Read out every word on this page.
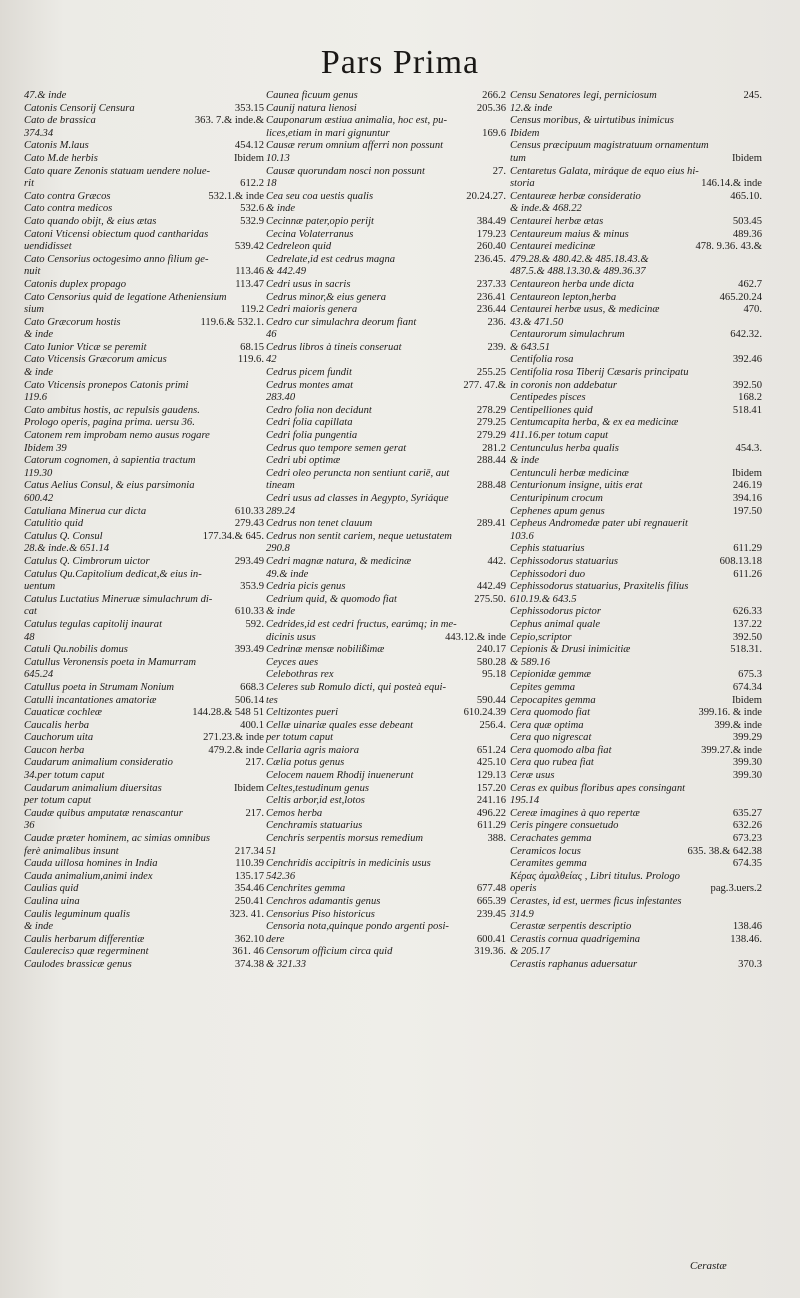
Pars Prima
47.& inde
Catonis Censorij Censura	353.15
Cato de brassica	363. 7.& inde.&
374.34
Catonis M.laus	454.12
Cato M.de herbis	Ibidem
Cato quare Zenonis statuam uendere nolue-
rit	612.2
Cato contra Græcos	532.1.& inde
Cato contra medicos	532.6
Cato quando obijt, & eius ætas	532.9
Catoni Vticensi obiectum quod cantharidas
uendidisset	539.42
Cato Censorius octogesimo anno filium ge-
nuit	113.46
Catonis duplex propago	113.47
Cato Censorius quid de legatione Atheniensium
sium	119.2
Cato Græcorum hostis	119.6.& 532.1.
& inde
Cato Iunior Vticæ se peremit	68.15
Cato Vticensis Græcorum amicus	119.6.
& inde
Cato Vticensis pronepos Catonis primi
119.6
Cato ambitus hostis, ac repulsis gaudens.
Prologo operis, pagina prima. uersu 36.
Catonem rem improbam nemo ausus rogare
Ibidem 39
Catorum cognomen, à sapientia tractum
119.30
Catus Aelius Consul, & eius parsimonia
600.42
Catuliana Minerua cur dicta	610.33
Catulitio quid	279.43
Catulus Q. Consul	177.34.& 645.
28.& inde.& 651.14
Catulus Q. Cimbrorum uictor	293.49
Catulus Qu.Capitolium dedicat,& eius in-
uentum	353.9
Catulus Luctatius Mineruæ simulachrum di-
cat	610.33
Catulus tegulas capitolij inaurat	592.
48
Catuli Qu.nobilis domus	393.49
Catullus Veronensis poeta in Mamurram
645.24
Catullus poeta in Strumam Nonium	668.3
Catulli incantationes amatoriæ	506.14
Cauaticæ cochleæ	144.28.& 548 51
Caucalis herba	400.1
Cauchorum uita	271.23.& inde
Caucon herba	479.2.& inde
Caudarum animalium consideratio	217.
34.per totum caput
Caudarum animalium diuersitas	Ibidem
per totum caput
Caudæ quibus amputatæ renascantur	217.
36
Caudæ præter hominem, ac simias omnibus
ferè animalibus insunt	217.34
Cauda uillosa homines in India	110.39
Cauda animalium,animi index	135.17
Caulias quid	354.46
Caulina uina	250.41
Caulis leguminum qualis	323. 41.
& inde
Caulis herbarum differentiæ	362.10
Caulerecisɔ quæ regerminent	361. 46
Caulodes brassicæ genus	374.38
Caunea ficuum genus	266.2
Caunij natura lienosi	205.36
Cauponarum æstiua animalia, hoc est, pu-
lices,etiam in mari gignuntur	169.6
Causæ rerum omnium afferri non possunt
10.13
Causæ quorundam nosci non possunt	27.
18
Cea seu coa uestis qualis	20.24.27.
& inde
Cecinnæ pater,opio perijt	384.49
Cecina Volaterranus	179.23
Cedreleon quid	260.40
Cedrelate,id est cedrus magna	236.45.
& 442.49
Cedri usus in sacris	237.33
Cedrus minor,& eius genera	236.41
Cedri maioris genera	236.44
Cedro cur simulachra deorum fiant	236.
46
Cedrus libros à tineis conseruat	239.
42
Cedrus picem fundit	255.25
Cedrus montes amat	277. 47.&
283.40
Cedro folia non decidunt	278.29
Cedri folia capillata	279.25
Cedri folia pungentia	279.29
Cedrus quo tempore semen gerat	281.2
Cedri ubi optimæ	288.44
Cedri oleo peruncta non sentiunt cariē, aut
tineam	288.48
Cedri usus ad classes in Aegypto, Syriáque
289.24
Cedrus non tenet clauum	289.41
Cedrus non sentit cariem, neque uetustatem
290.8
Cedri magnæ natura, & medicinæ	442.
49.& inde
Cedria picis genus	442.49
Cedrium quid, & quomodo fiat	275.50.
& inde
Cedrides,id est cedri fructus, earúmq; in me-
dicinis usus	443.12.& inde
Cedrinæ mensæ nobilißimæ	240.17
Ceyces aues	580.28
Celebothras rex	95.18
Celeres sub Romulo dicti, qui posteà equi-
tes	590.44
Celtizontes pueri	610.24.39
Cellæ uinariæ quales esse debeant	256.4.
per totum caput
Cellaria agris maiora	651.24
Cælia potus genus	425.10
Celocem nauem Rhodij inuenerunt	129.13
Celtes,testudinum genus	157.20
Celtis arbor,id est,lotos	241.16
Cemos herba	496.22
Cenchramis statuarius	611.29
Cenchris serpentis morsus remedium	388.
51
Cenchridis accipitris in medicinis usus
542.36
Cenchrites gemma	677.48
Cenchros adamantis genus	665.39
Censorius Piso historicus	239.45
Censoria nota,quinque pondo argenti posi-
dere	600.41
Censorum officium circa quid	319.36.
& 321.33
Censu Senatores legi, perniciosum	245.
12.& inde
Census moribus, & uirtutibus inimicus
Ibidem
Census præcipuum magistratuum ornamentum
tum	Ibidem
Centaretus Galata, miráque de equo eius hi-
storia	146.14.& inde
Centaureæ herbæ consideratio	465.10.
& inde.& 468.22
Centaurei herbæ ætas	503.45
Centaureum maius & minus	489.36
Centaurei medicinæ	478. 9.36. 43.&
479.28.& 480.42.& 485.18.43.&
487.5.& 488.13.30.& 489.36.37
Centaureon herba unde dicta	462.7
Centaureon lepton,herba	465.20.24
Centaurei herbæ usus, & medicinæ	470.
43.& 471.50
Centaurorum simulachrum	642.32.
& 643.51
Centifolia rosa	392.46
Centifolia rosa Tiberij Cæsaris principatu
in coronis non addebatur	392.50
Centipedes pisces	168.2
Centipelliones quid	518.41
Centumcapita herba, & ex ea medicinæ
411.16.per totum caput
Centunculus herba qualis	454.3.
& inde
Centunculi herbæ medicinæ	Ibidem
Centurionum insigne, uitis erat	246.19
Centuripinum crocum	394.16
Cephenes apum genus	197.50
Cepheus Andromedæ pater ubi regnauerit
103.6
Cephis statuarius	611.29
Cephissodorus statuarius	608.13.18
Cephissodori duo	611.26
Cephissodorus statuarius, Praxitelis filius
610.19.& 643.5
Cephissodorus pictor	626.33
Cephus animal quale	137.22
Cepio,scriptor	392.50
Cepionis & Drusi inimicitiæ	518.31.
& 589.16
Cepionidæ gemmæ	675.3
Cepites gemma	674.34
Cepocapites gemma	Ibidem
Cera quomodo fiat	399.16. & inde
Cera quæ optima	399.& inde
Cera quo nigrescat	399.29
Cera quomodo alba fiat	399.27.& inde
Cera quo rubea fiat	399.30
Ceræ usus	399.30
Ceras ex quibus floribus apes consingant
195.14
Cereæ imagines à quo repertæ	635.27
Ceris pingere consuetudo	632.26
Cerachates gemma	673.23
Ceramicos locus	635. 38.& 642.38
Ceramites gemma	674.35
Κέρας ἀμαλθείας , Libri titulus. Prologo
operis	pag.3.uers.2
Cerastes, id est, uermes ficus infestantes
314.9
Cerastæ serpentis descriptio	138.46
Cerastis cornua quadrigemina	138.46.
& 205.17
Cerastis raphanus aduersatur	370.3
Cerastæ
